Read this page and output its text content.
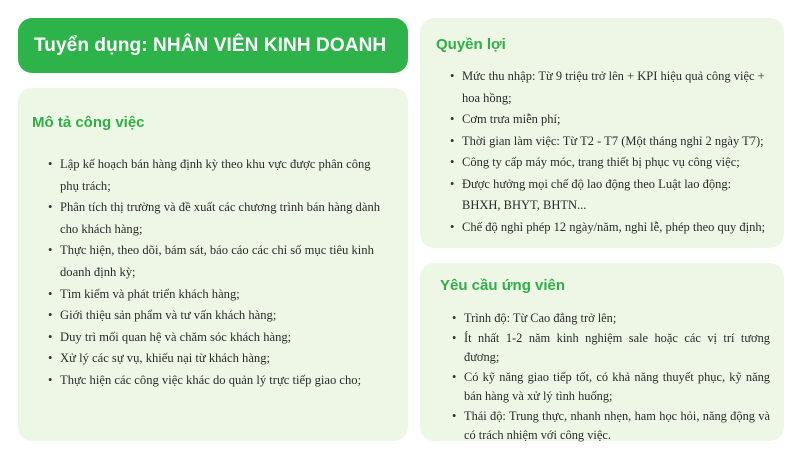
Tuyển dụng: NHÂN VIÊN KINH DOANH
Mô tả công việc
• Lập kế hoạch bán hàng định kỳ theo khu vực được phân công phụ trách;
• Phân tích thị trường và đề xuất các chương trình bán hàng dành cho khách hàng;
• Thực hiện, theo dõi, bám sát, báo cáo các chỉ số mục tiêu kinh doanh định kỳ;
• Tìm kiếm và phát triển khách hàng;
• Giới thiệu sản phẩm và tư vấn khách hàng;
• Duy trì mối quan hệ và chăm sóc khách hàng;
• Xử lý các sự vụ, khiếu nại từ khách hàng;
• Thực hiện các công việc khác do quản lý trực tiếp giao cho;
Quyền lợi
• Mức thu nhập: Từ 9 triệu trở lên + KPI hiệu quả công việc + hoa hồng;
• Cơm trưa miễn phí;
• Thời gian làm việc: Từ T2 - T7 (Một tháng nghỉ 2 ngày T7);
• Công ty cấp máy móc, trang thiết bị phục vụ công việc;
• Được hưởng mọi chế độ lao động theo Luật lao động: BHXH, BHYT, BHTN...
• Chế độ nghỉ phép 12 ngày/năm, nghỉ lễ, phép theo quy định;
Yêu cầu ứng viên
• Trình độ: Từ Cao đẳng trở lên;
• Ít nhất 1-2 năm kinh nghiệm sale hoặc các vị trí tương đương;
• Có kỹ năng giao tiếp tốt, có khả năng thuyết phục, kỹ năng bán hàng và xử lý tình huống;
• Thái độ: Trung thực, nhanh nhẹn, ham học hỏi, năng động và có trách nhiệm với công việc.
